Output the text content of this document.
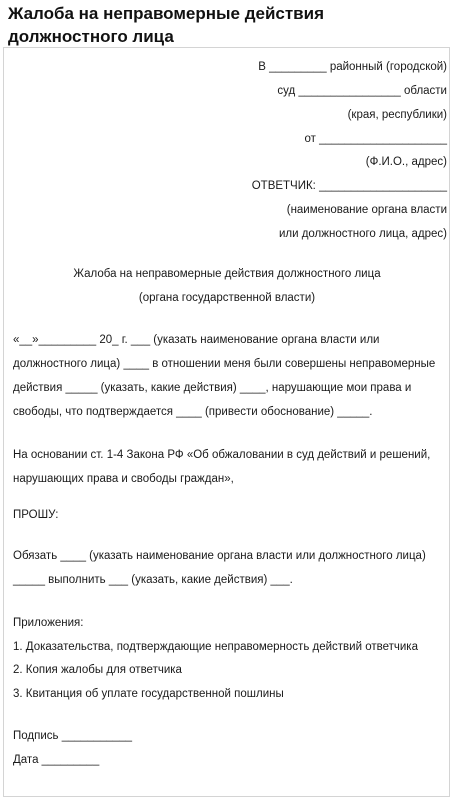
Жалоба на неправомерные действия
должностного лица
В _________ районный (городской)
суд ________________ области
(края, республики)
от ____________________
(Ф.И.О., адрес)
ОТВЕТЧИК: ____________________
(наименование органа власти
или должностного лица, адрес)
Жалоба на неправомерные действия должностного лица
(органа государственной власти)
«__»_________ 20_ г. ___ (указать наименование органа власти или
должностного лица) ____ в отношении меня были совершены неправомерные
действия _____ (указать, какие действия) ____, нарушающие мои права и
свободы, что подтверждается ____ (привести обоснование) _____.
На основании ст. 1-4 Закона РФ «Об обжаловании в суд действий и решений,
нарушающих права и свободы граждан»,
ПРОШУ:
Обязать ____ (указать наименование органа власти или должностного лица)
_____ выполнить ___ (указать, какие действия) ___.
Приложения:
1. Доказательства, подтверждающие неправомерность действий ответчика
2. Копия жалобы для ответчика
3. Квитанция об уплате государственной пошлины
Подпись ___________
Дата _________
